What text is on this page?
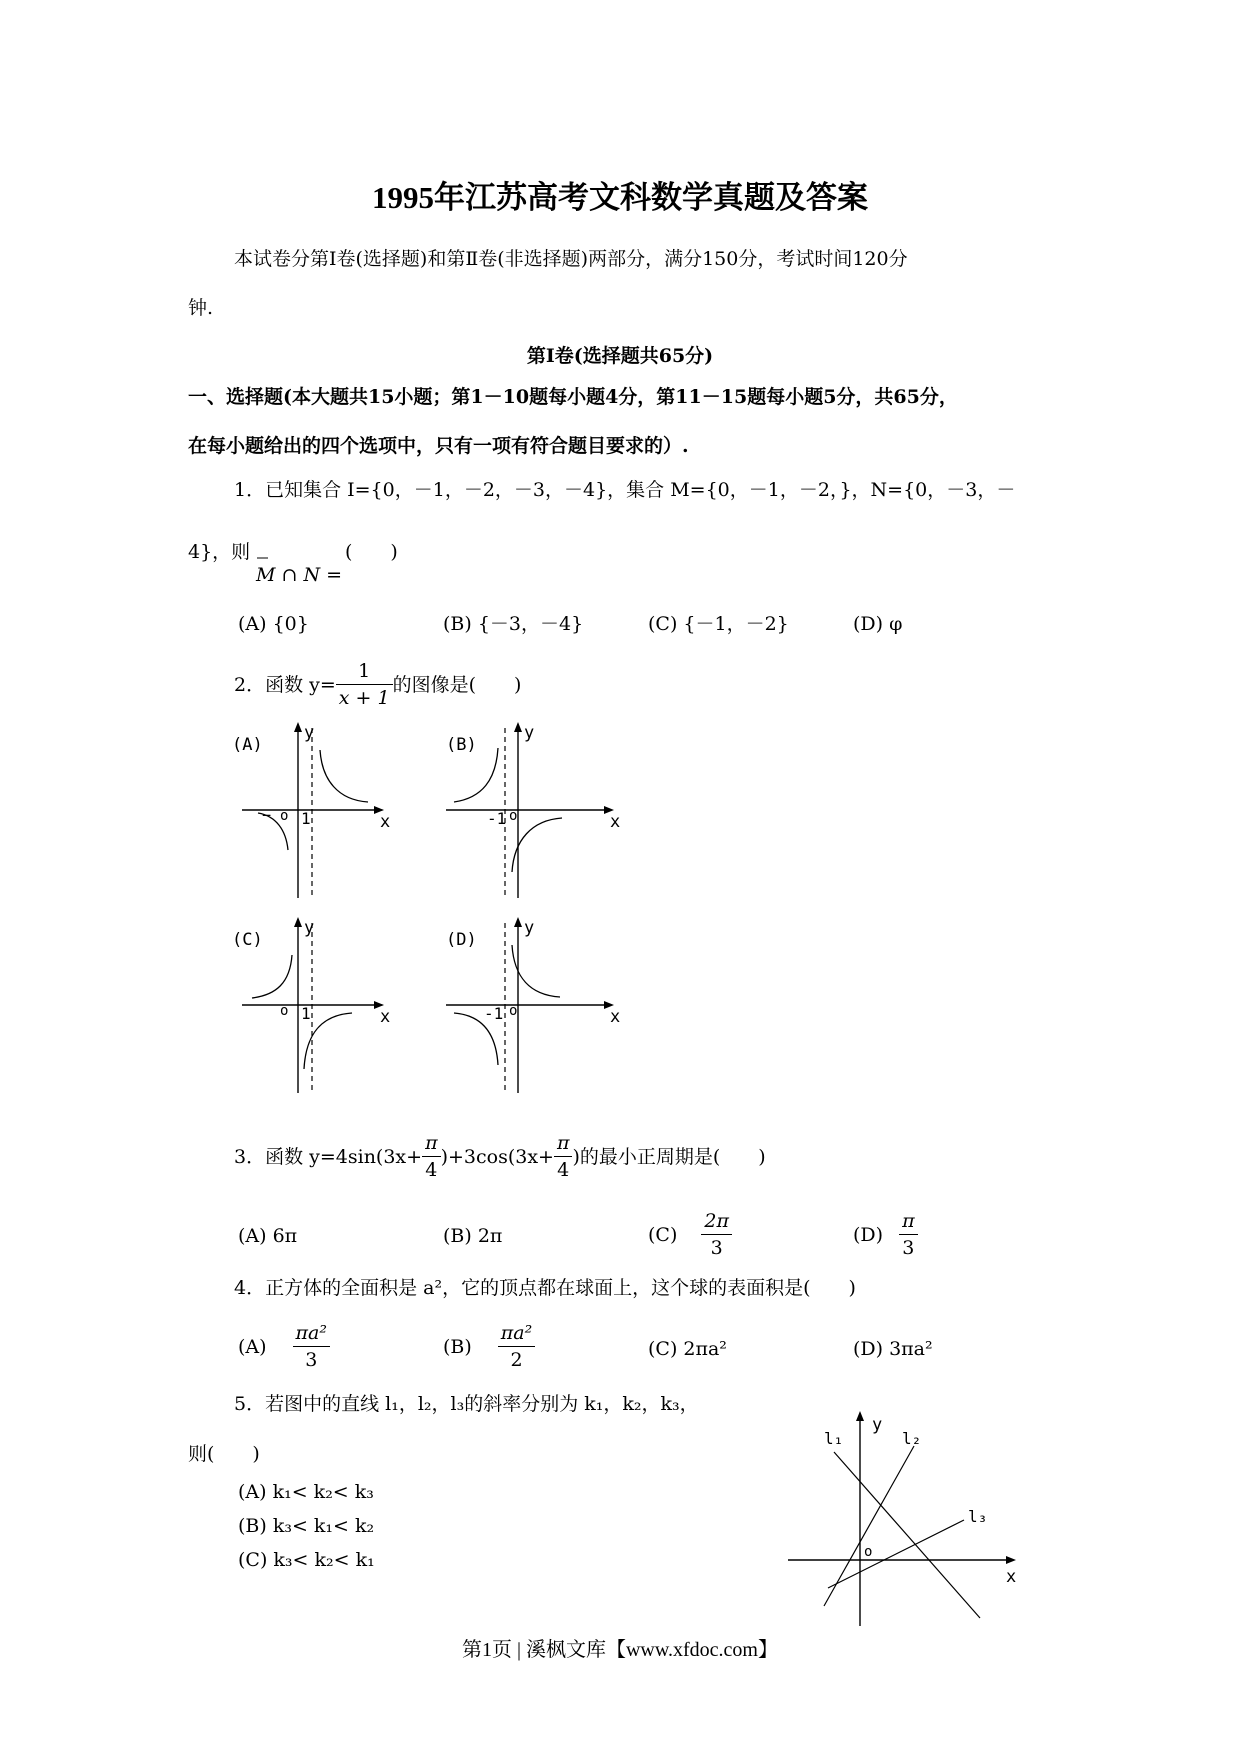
1995年江苏高考文科数学真题及答案
本试卷分第Ⅰ卷(选择题)和第Ⅱ卷(非选择题)两部分，满分150分，考试时间120分
钟.
第Ⅰ卷(选择题共65分)
一、选择题(本大题共15小题；第1－10题每小题4分，第11－15题每小题5分，共65分，
在每小题给出的四个选项中，只有一项有符合题目要求的）.
1．已知集合 I={0，－1，－2，－3，－4}，集合 M={0，－1，－2，}，N={0，－3，－
4}，则	(　　)
M ∩ N =
(A) {0}	(B) {－3，－4}	(C) {－1，－2}	(D) φ
2．函数 $y= \frac{1}{x + 1}$ 的图像是(　　)
(A)
y
x
− o 1
(B)
y
x
-1 o
(C)
y
x
o 1
(D)
y
x
-1 o
3．函数 $y=4\sin(3x+ \frac{\pi}{4} )+3\cos(3x+ \frac{\pi}{4}$ )的最小正周期是(　　)
(A) 6π	(B) 2π	$(C) \frac{2\pi}{3}$	$(D) \frac{\pi}{3}$
4．正方体的全面积是 a²，它的顶点都在球面上，这个球的表面积是(　　)
$(A) \frac{\text{πa²}}{3}$	$(B) \frac{\text{πa²}}{2}$	(C) 2πa²	(D) 3πa²
5．若图中的直线 l₁，l₂，l₃的斜率分别为 k₁，k₂，k₃，
则(　　)
(A) k₁< k₂< k₃
(B) k₃< k₁< k₂
(C) k₃< k₂< k₁
y
x
o
l₁	l₂
l₃
第1页 | 溪枫文库【www.xfdoc.com】
